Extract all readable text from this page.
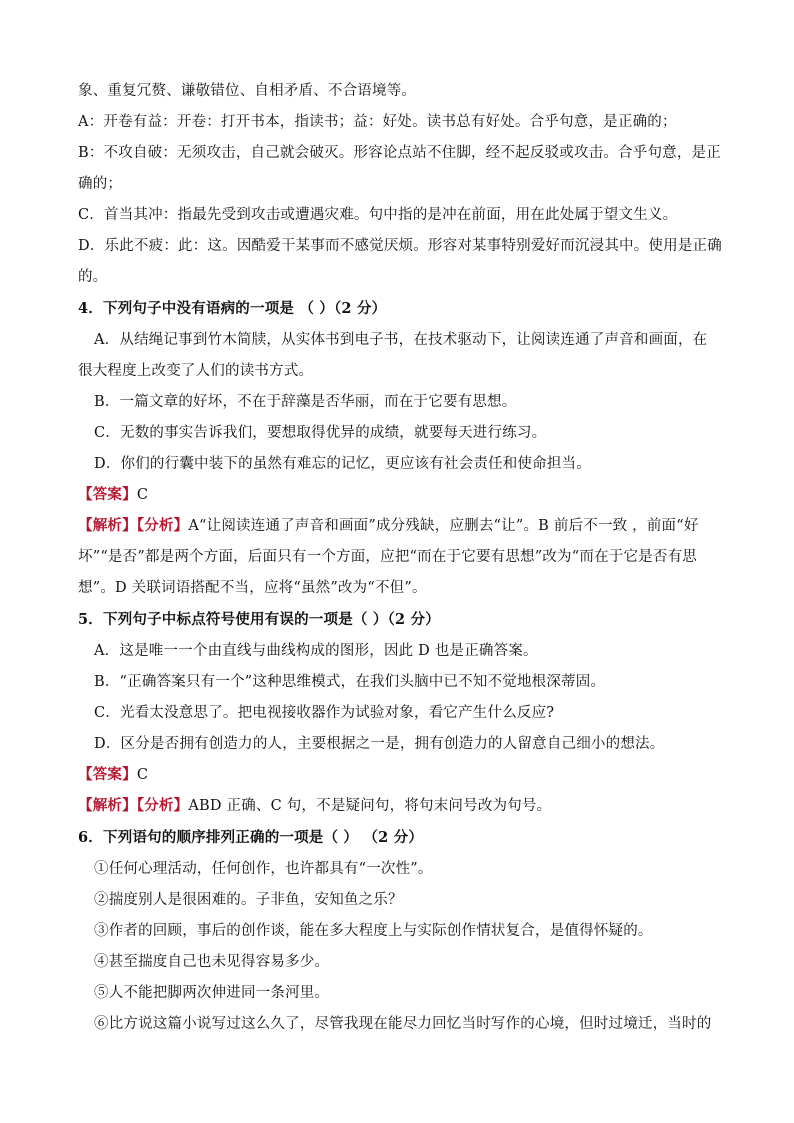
象、重复冗赘、谦敬错位、自相矛盾、不合语境等。
A：开卷有益：开卷：打开书本，指读书；益：好处。读书总有好处。合乎句意，是正确的；
B：不攻自破：无须攻击，自己就会破灭。形容论点站不住脚，经不起反驳或攻击。合乎句意，是正
确的；
C．首当其冲：指最先受到攻击或遭遇灾难。句中指的是冲在前面，用在此处属于望文生义。
D．乐此不疲：此：这。因酷爱干某事而不感觉厌烦。形容对某事特别爱好而沉浸其中。使用是正确
的。
4．下列句子中没有语病的一项是 （ ）（2 分）
A．从结绳记事到竹木简牍，从实体书到电子书，在技术驱动下，让阅读连通了声音和画面，在
很大程度上改变了人们的读书方式。
B．一篇文章的好坏，不在于辞藻是否华丽，而在于它要有思想。
C．无数的事实告诉我们，要想取得优异的成绩，就要每天进行练习。
D．你们的行囊中装下的虽然有难忘的记忆，更应该有社会责任和使命担当。
【答案】C
【解析】【分析】A“让阅读连通了声音和画面”成分残缺，应删去“让”。B 前后不一致 ，前面“好
坏”“是否”都是两个方面，后面只有一个方面，应把“而在于它要有思想”改为“而在于它是否有思
想”。D 关联词语搭配不当，应将“虽然”改为“不但”。
5．下列句子中标点符号使用有误的一项是（ ）（2 分）
A．这是唯一一个由直线与曲线构成的图形，因此 D 也是正确答案。
B．“正确答案只有一个”这种思维模式，在我们头脑中已不知不觉地根深蒂固。
C．光看太没意思了。把电视接收器作为试验对象，看它产生什么反应?
D．区分是否拥有创造力的人，主要根据之一是，拥有创造力的人留意自己细小的想法。
【答案】C
【解析】【分析】ABD 正确、C 句，不是疑问句，将句末问号改为句号。
6．下列语句的顺序排列正确的一项是（ ） （2 分）
①任何心理活动，任何创作，也许都具有“一次性”。
②揣度别人是很困难的。子非鱼，安知鱼之乐？
③作者的回顾，事后的创作谈，能在多大程度上与实际创作情状复合，是值得怀疑的。
④甚至揣度自己也未见得容易多少。
⑤人不能把脚两次伸进同一条河里。
⑥比方说这篇小说写过这么久了，尽管我现在能尽力回忆当时写作的心境，但时过境迁，当时的
